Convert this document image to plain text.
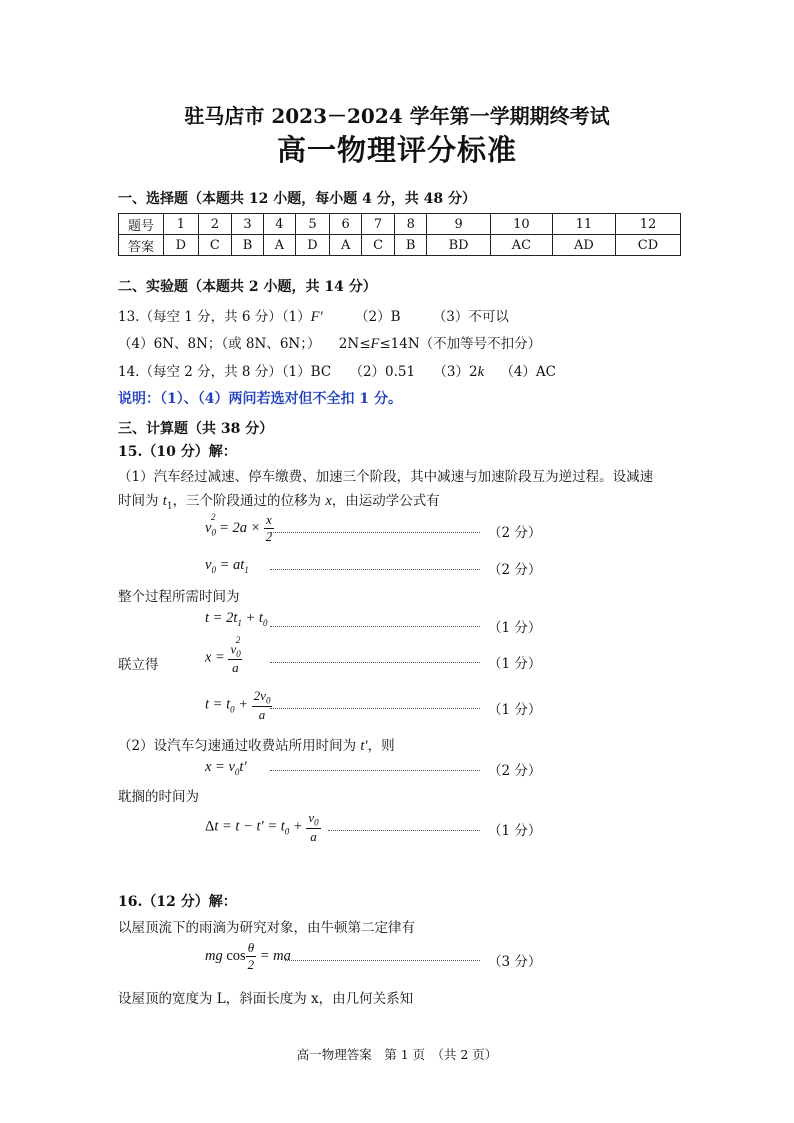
驻马店市 2023－2024 学年第一学期期终考试
高一物理评分标准
一、选择题（本题共 12 小题，每小题 4 分，共 48 分）
题号	1	2	3	4	5	6	7	8	9	10	11	12
答案	D	C	B	A	D	A	C	B	BD	AC	AD	CD
二、实验题（本题共 2 小题，共 14 分）
13.（每空 1 分，共 6 分）（1）F′ （2）B （3）不可以
（4）6N、8N；（或 8N、6N；） 2N≤F≤14N（不加等号不扣分）
14.（每空 2 分，共 8 分）（1）BC （2）0.51 （3）2k （4）AC
说明：（1）、（4）两问若选对但不全扣 1 分。
三、计算题（共 38 分）
15.（10 分）解：
（1）汽车经过减速、停车缴费、加速三个阶段，其中减速与加速阶段互为逆过程。设减速
时间为 $t_1$，三个阶段通过的位移为 x，由运动学公式有
$v_0^2 = 2a \times \frac{x}{2}$	（2 分）
$v_0 = at_1$	（2 分）
整个过程所需时间为
$t = 2t_1 + t_0$	（1 分）
联立得	$x = \frac{v_0^2}{a}$	（1 分）
$t = t_0 + \frac{2v_0}{a}$	（1 分）
（2）设汽车匀速通过收费站所用时间为 t′，则
$x = v_0t'$	（2 分）
耽搁的时间为
$\Delta t = t - t' = t_0 + \frac{v_0}{a}$	（1 分）
16.（12 分）解：
以屋顶流下的雨滴为研究对象，由牛顿第二定律有
mg $\cos \frac{\theta}{2}$ = ma	（3 分）
设屋顶的宽度为 L，斜面长度为 x，由几何关系知
高一物理答案　第 1 页　（共 2 页）
